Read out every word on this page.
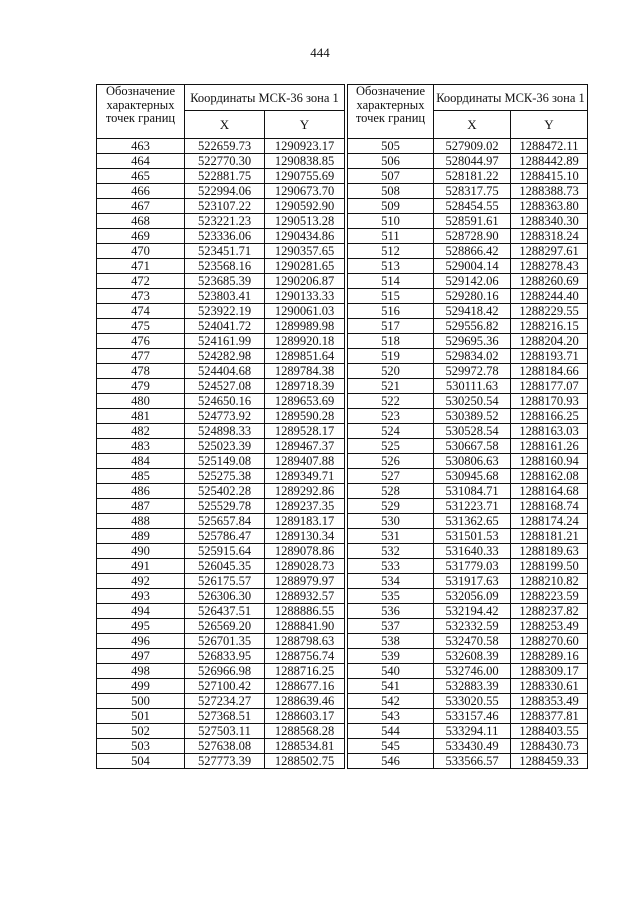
444
Обозначение характерных точек границ	Координаты МСК-36 зона 1	
	X	Y
463	522659.73	1290923.17
464	522770.30	1290838.85
465	522881.75	1290755.69
466	522994.06	1290673.70
467	523107.22	1290592.90
468	523221.23	1290513.28
469	523336.06	1290434.86
470	523451.71	1290357.65
471	523568.16	1290281.65
472	523685.39	1290206.87
473	523803.41	1290133.33
474	523922.19	1290061.03
475	524041.72	1289989.98
476	524161.99	1289920.18
477	524282.98	1289851.64
478	524404.68	1289784.38
479	524527.08	1289718.39
480	524650.16	1289653.69
481	524773.92	1289590.28
482	524898.33	1289528.17
483	525023.39	1289467.37
484	525149.08	1289407.88
485	525275.38	1289349.71
486	525402.28	1289292.86
487	525529.78	1289237.35
488	525657.84	1289183.17
489	525786.47	1289130.34
490	525915.64	1289078.86
491	526045.35	1289028.73
492	526175.57	1288979.97
493	526306.30	1288932.57
494	526437.51	1288886.55
495	526569.20	1288841.90
496	526701.35	1288798.63
497	526833.95	1288756.74
498	526966.98	1288716.25
499	527100.42	1288677.16
500	527234.27	1288639.46
501	527368.51	1288603.17
502	527503.11	1288568.28
503	527638.08	1288534.81
504	527773.39	1288502.75
Обозначение характерных точек границ	Координаты МСК-36 зона 1	
	X	Y
505	527909.02	1288472.11
506	528044.97	1288442.89
507	528181.22	1288415.10
508	528317.75	1288388.73
509	528454.55	1288363.80
510	528591.61	1288340.30
511	528728.90	1288318.24
512	528866.42	1288297.61
513	529004.14	1288278.43
514	529142.06	1288260.69
515	529280.16	1288244.40
516	529418.42	1288229.55
517	529556.82	1288216.15
518	529695.36	1288204.20
519	529834.02	1288193.71
520	529972.78	1288184.66
521	530111.63	1288177.07
522	530250.54	1288170.93
523	530389.52	1288166.25
524	530528.54	1288163.03
525	530667.58	1288161.26
526	530806.63	1288160.94
527	530945.68	1288162.08
528	531084.71	1288164.68
529	531223.71	1288168.74
530	531362.65	1288174.24
531	531501.53	1288181.21
532	531640.33	1288189.63
533	531779.03	1288199.50
534	531917.63	1288210.82
535	532056.09	1288223.59
536	532194.42	1288237.82
537	532332.59	1288253.49
538	532470.58	1288270.60
539	532608.39	1288289.16
540	532746.00	1288309.17
541	532883.39	1288330.61
542	533020.55	1288353.49
543	533157.46	1288377.81
544	533294.11	1288403.55
545	533430.49	1288430.73
546	533566.57	1288459.33
